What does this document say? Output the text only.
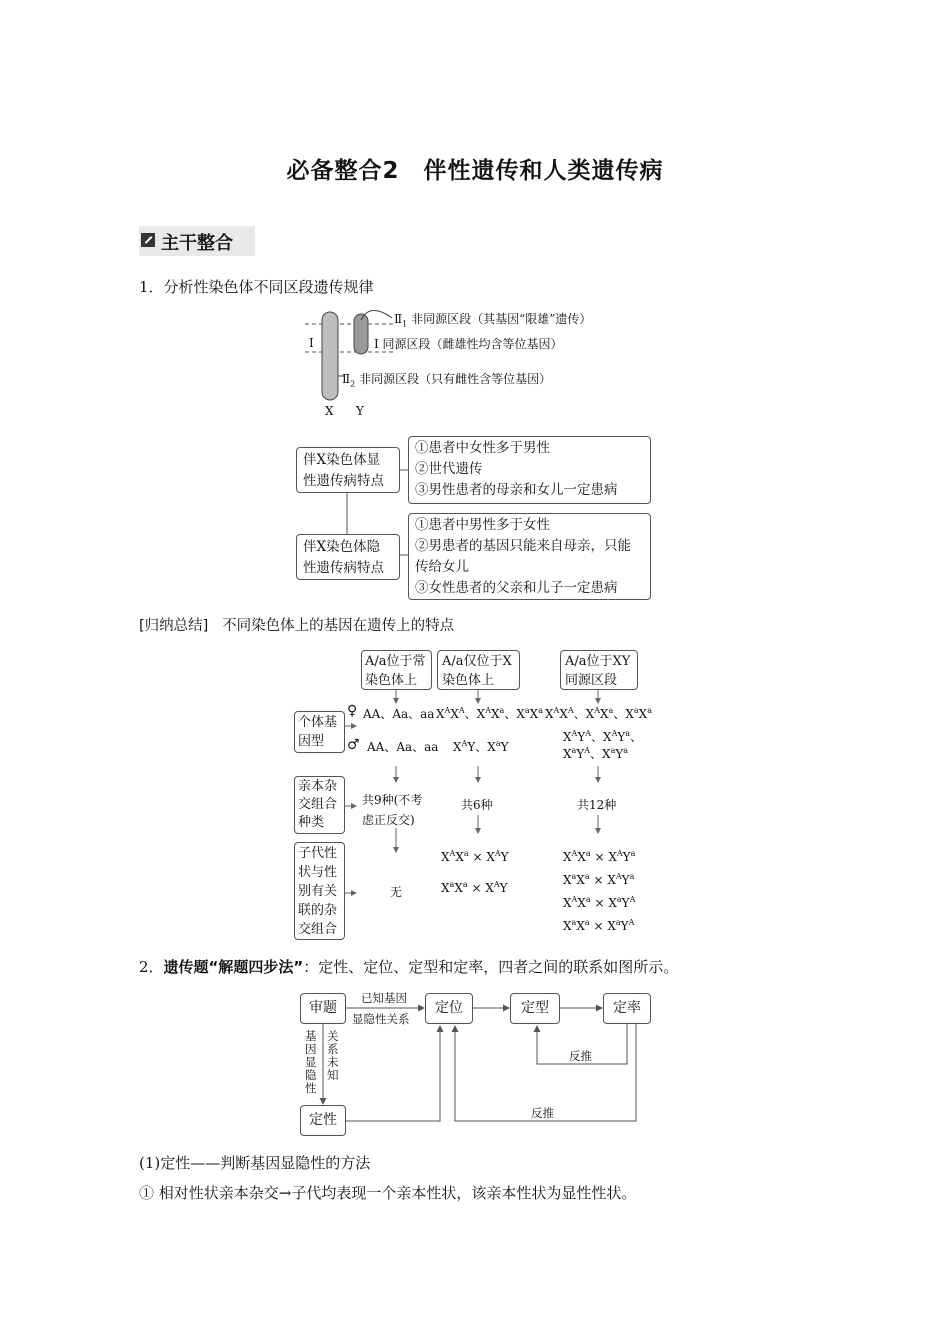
必备整合2　伴性遗传和人类遗传病
主干整合
1．分析性染色体不同区段遗传规律
Ⅰ
$Ⅱ_1$ 非同源区段（其基因“限雄”遗传）
Ⅰ 同源区段（雌雄性均含等位基因）
$Ⅱ_2$ 非同源区段（只有雌性含等位基因）
X Y
伴X染色体显性遗传病特点
①患者中女性多于男性
②世代遗传
③男性患者的母亲和女儿一定患病
伴X染色体隐性遗传病特点
①患者中男性多于女性
②男患者的基因只能来自母亲，只能传给女儿
③女性患者的父亲和儿子一定患病
[归纳总结] 不同染色体上的基因在遗传上的特点
A/a位于常染色体上
A/a仅位于X染色体上
A/a位于XY同源区段
个体基因型
亲本杂交组合种类
子代性状与性别有关联的杂交组合
♀
♂
AA、Aa、aa
AA、Aa、aa
$X^AX^A$、$X^AX^a$、$X^aX^a$
$X^AY$、$X^aY$
$X^AX^A$、$X^AX^a$、$X^aX^a$
$X^AY^A$、$X^AY^a$、
$X^aY^A$、$X^aY^a$
共9种(不考虑正反交)
共6种	共12种
无
$X^AX^a \times X^AY$
$X^aX^a \times X^AY$
$X^AX^a \times X^AY^a$
$X^aX^a \times X^AY^a$
$X^AX^a \times X^aY^A$
$X^aX^a \times X^aY^A$
2．遗传题“解题四步法”：定性、定位、定型和定率，四者之间的联系如图所示。
审题	定位	定型	定率
定性
已知基因
显隐性关系
基因显隐性
关系未知
反推
反推
(1)定性——判断基因显隐性的方法
① 相对性状亲本杂交→子代均表现一个亲本性状，该亲本性状为显性性状。
